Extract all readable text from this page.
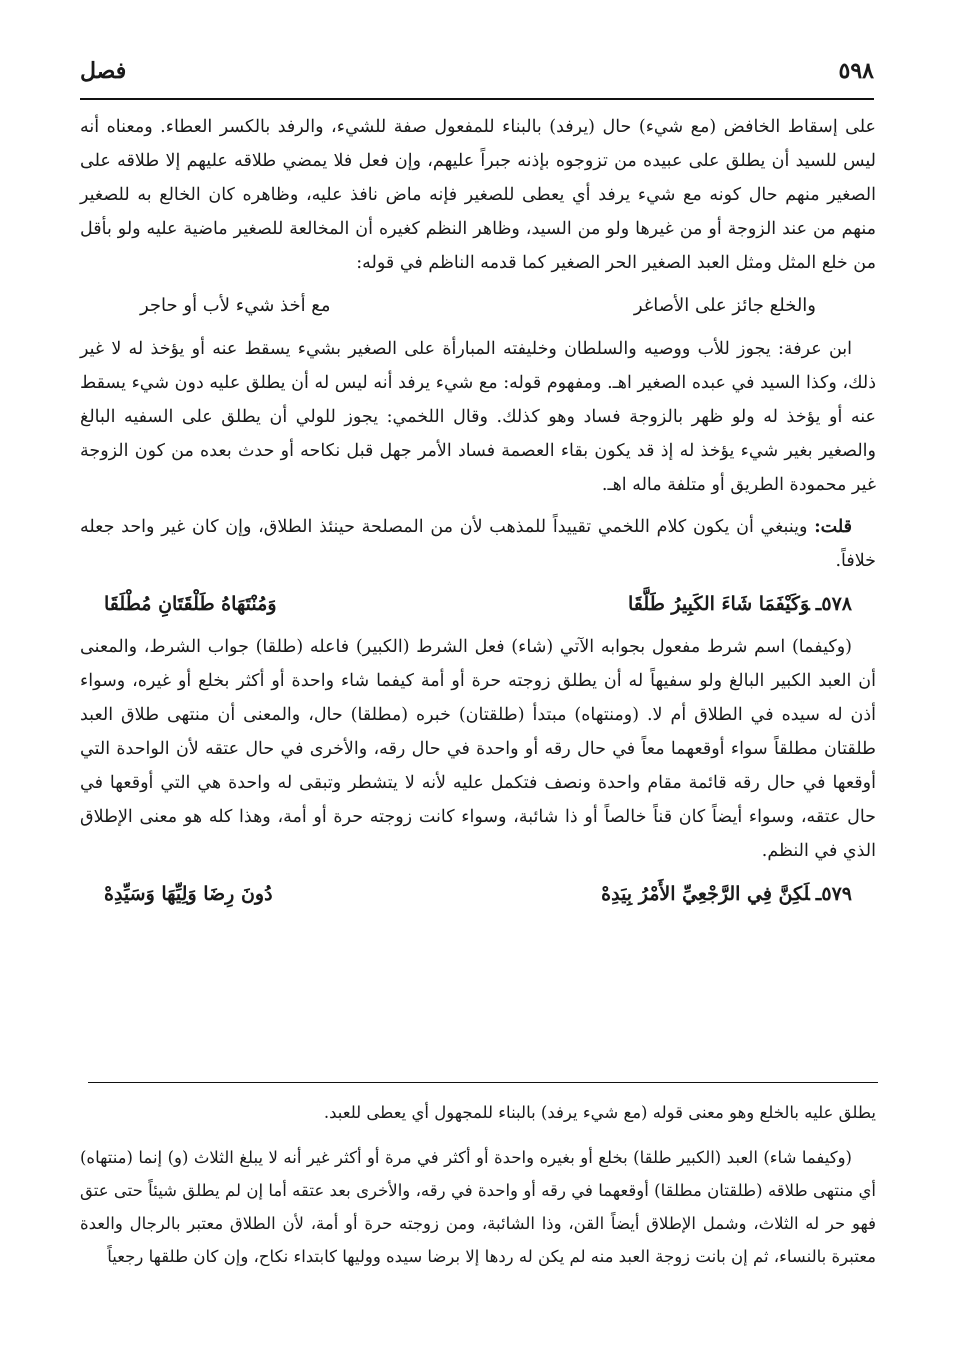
٥٩٨
فصل

على إسقاط الخافض (مع شيء) حال (يرفد) بالبناء للمفعول صفة للشيء، والرفد بالكسر العطاء. ومعناه أنه ليس للسيد أن يطلق على عبيده من تزوجوه بإذنه جبراً عليهم، وإن فعل فلا يمضي طلاقه عليهم إلا طلاقه على الصغير منهم حال كونه مع شيء يرفد أي يعطى للصغير فإنه ماض نافذ عليه، وظاهره كان الخالع به للصغير منهم من عند الزوجة أو من غيرها ولو من السيد، وظاهر النظم كغيره أن المخالعة للصغير ماضية عليه ولو بأقل من خلع المثل ومثل العبد الصغير الحر الصغير كما قدمه الناظم في قوله:

والخلع جائز على الأصاغر
مع أخذ شيء لأب أو حاجر

ابن عرفة: يجوز للأب ووصيه والسلطان وخليفته المبارأة على الصغير بشيء يسقط عنه أو يؤخذ له لا غير ذلك، وكذا السيد في عبده الصغير اهـ. ومفهوم قوله: مع شيء يرفد أنه ليس له أن يطلق عليه دون شيء يسقط عنه أو يؤخذ له ولو ظهر بالزوجة فساد وهو كذلك. وقال اللخمي: يجوز للولي أن يطلق على السفيه البالغ والصغير بغير شيء يؤخذ له إذ قد يكون بقاء العصمة فساد الأمر جهل قبل نكاحه أو حدث بعده من كون الزوجة غير محمودة الطريق أو متلفة ماله اهـ.

قلت: وينبغي أن يكون كلام اللخمي تقييداً للمذهب لأن من المصلحة حينئذ الطلاق، وإن كان غير واحد جعله خلافاً.

٥٧٨ـوَكَيْفَمَا شَاءَ الكَبِيرُ طَلَّقَا
وَمُنْتَهَاهُ طَلْقَتَانِ مُطْلَقَا

(وكيفما) اسم شرط مفعول بجوابه الآتي (شاء) فعل الشرط (الكبير) فاعله (طلقا) جواب الشرط، والمعنى أن العبد الكبير البالغ ولو سفيهاً له أن يطلق زوجته حرة أو أمة كيفما شاء واحدة أو أكثر بخلع أو غيره، وسواء أذن له سيده في الطلاق أم لا. (ومنتهاه) مبتدأ (طلقتان) خبره (مطلقا) حال، والمعنى أن منتهى طلاق العبد طلقتان مطلقاً سواء أوقعهما معاً في حال رقه أو واحدة في حال رقه، والأخرى في حال عتقه لأن الواحدة التي أوقعها في حال رقه قائمة مقام واحدة ونصف فتكمل عليه لأنه لا يتشطر وتبقى له واحدة هي التي أوقعها في حال عتقه، وسواء أيضاً كان قناً خالصاً أو ذا شائبة، وسواء كانت زوجته حرة أو أمة، وهذا كله هو معنى الإطلاق الذي في النظم.

٥٧٩ـلَكِنَّ فِي الرَّجْعِيِّ الأَمْرُ بِيَدِهْ
دُونَ رِضَا وَلِيِّهَا وَسَيِّدِهْ

يطلق عليه بالخلع وهو معنى قوله (مع شيء يرفد) بالبناء للمجهول أي يعطى للعبد.

(وكيفما شاء) العبد (الكبير طلقا) بخلع أو بغيره واحدة أو أكثر في مرة أو أكثر غير أنه لا يبلغ الثلاث (و) إنما (منتهاه) أي منتهى طلاقه (طلقتان مطلقا) أوقعهما في رقه أو واحدة في رقه، والأخرى بعد عتقه أما إن لم يطلق شيئاً حتى عتق فهو حر له الثلاث، وشمل الإطلاق أيضاً القن، وذا الشائبة، ومن زوجته حرة أو أمة، لأن الطلاق معتبر بالرجال والعدة معتبرة بالنساء، ثم إن بانت زوجة العبد منه لم يكن له ردها إلا برضا سيده ووليها كابتداء نكاح، وإن كان طلقها رجعياً
